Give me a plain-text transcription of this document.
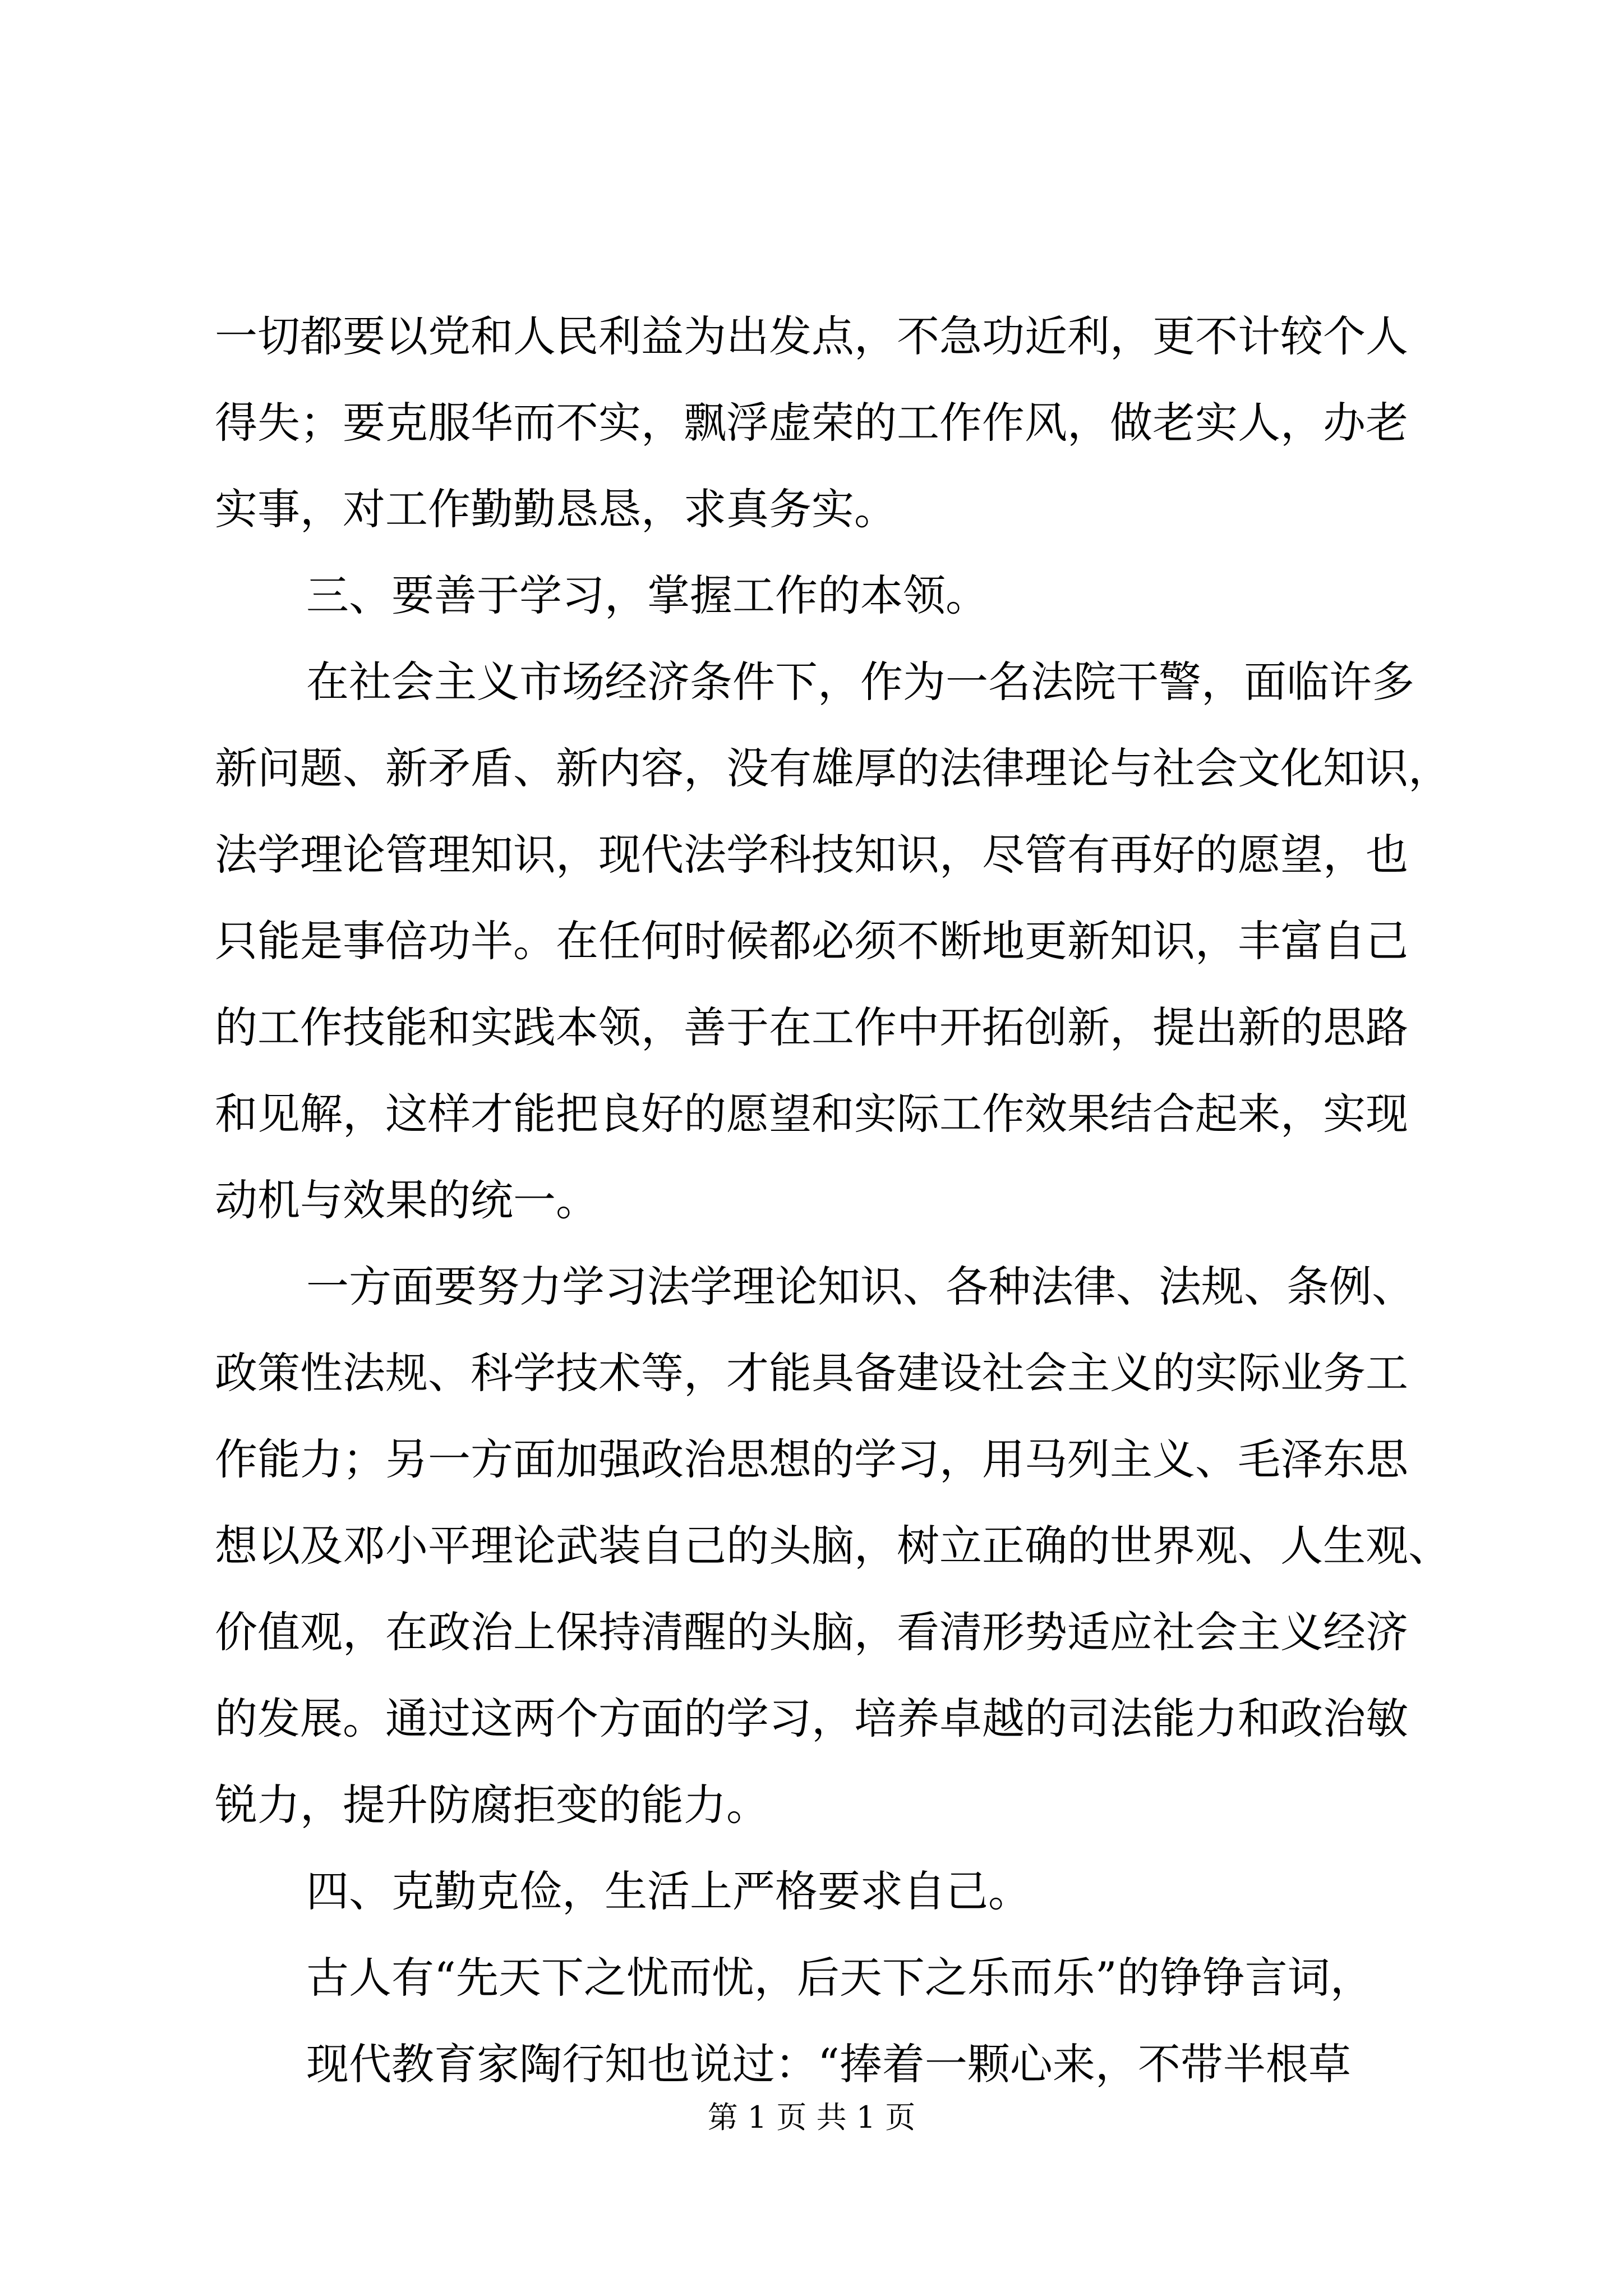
一切都要以党和人民利益为出发点，不急功近利，更不计较个人
得失；要克服华而不实，飘浮虚荣的工作作风，做老实人，办老
实事，对工作勤勤恳恳，求真务实。
三、要善于学习，掌握工作的本领。
在社会主义市场经济条件下，作为一名法院干警，面临许多
新问题、新矛盾、新内容，没有雄厚的法律理论与社会文化知识，
法学理论管理知识，现代法学科技知识，尽管有再好的愿望，也
只能是事倍功半。在任何时候都必须不断地更新知识，丰富自己
的工作技能和实践本领，善于在工作中开拓创新，提出新的思路
和见解，这样才能把良好的愿望和实际工作效果结合起来，实现
动机与效果的统一。
一方面要努力学习法学理论知识、各种法律、法规、条例、
政策性法规、科学技术等，才能具备建设社会主义的实际业务工
作能力；另一方面加强政治思想的学习，用马列主义、毛泽东思
想以及邓小平理论武装自己的头脑，树立正确的世界观、人生观、
价值观，在政治上保持清醒的头脑，看清形势适应社会主义经济
的发展。通过这两个方面的学习，培养卓越的司法能力和政治敏
锐力，提升防腐拒变的能力。
四、克勤克俭，生活上严格要求自己。
古人有“先天下之忧而忧，后天下之乐而乐”的铮铮言词，
现代教育家陶行知也说过：“捧着一颗心来，不带半根草
第 1 页 共 1 页
